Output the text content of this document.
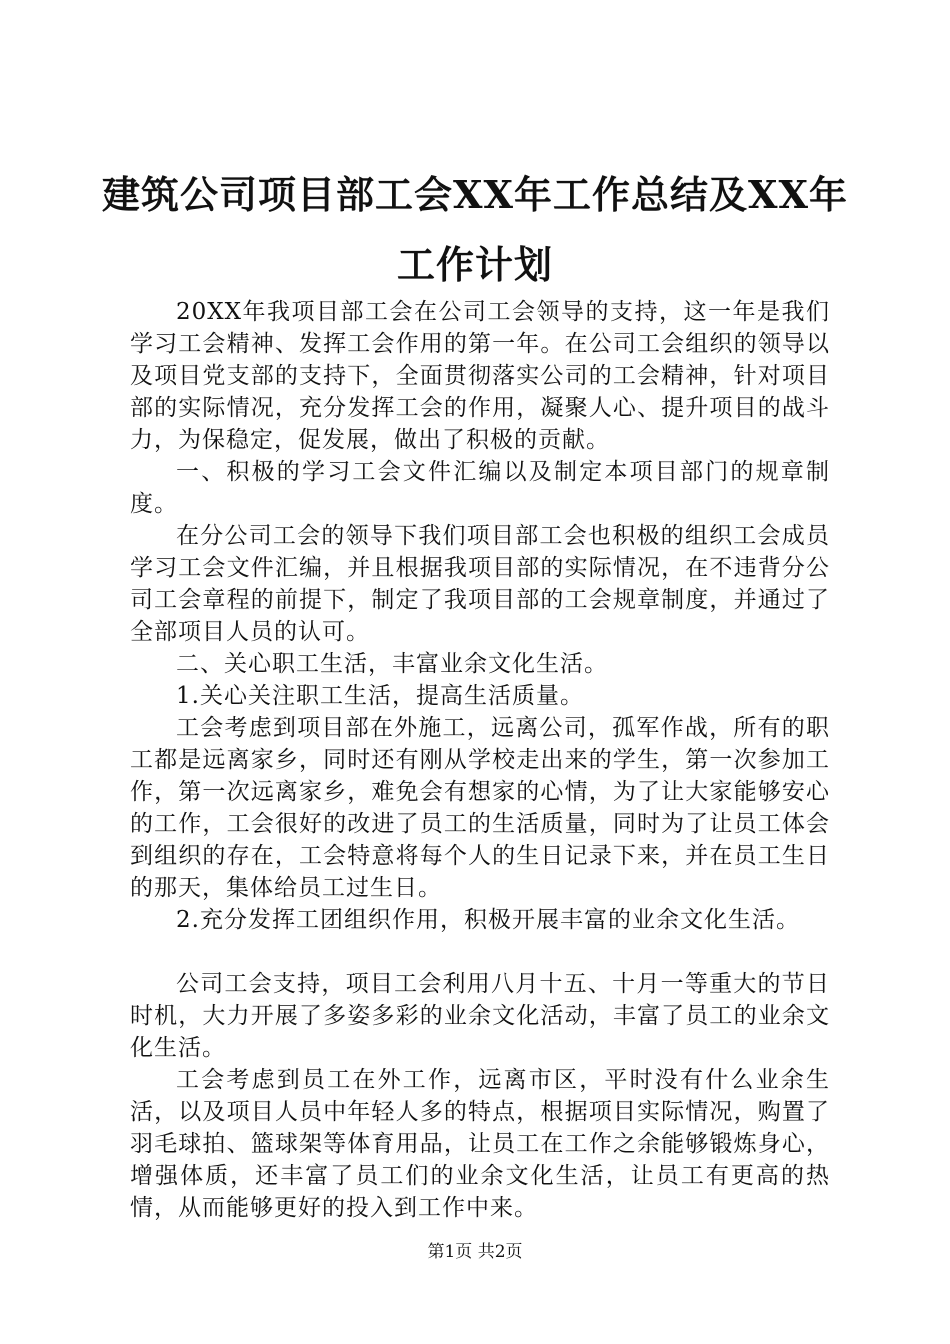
建筑公司项目部工会XX年工作总结及XX年工作计划

20XX年我项目部工会在公司工会领导的支持，这一年是我们学习工会精神、发挥工会作用的第一年。在公司工会组织的领导以及项目党支部的支持下，全面贯彻落实公司的工会精神，针对项目部的实际情况，充分发挥工会的作用，凝聚人心、提升项目的战斗力，为保稳定，促发展，做出了积极的贡献。

一、积极的学习工会文件汇编以及制定本项目部门的规章制度。

在分公司工会的领导下我们项目部工会也积极的组织工会成员学习工会文件汇编，并且根据我项目部的实际情况，在不违背分公司工会章程的前提下，制定了我项目部的工会规章制度，并通过了全部项目人员的认可。

二、关心职工生活，丰富业余文化生活。

1.关心关注职工生活，提高生活质量。

工会考虑到项目部在外施工，远离公司，孤军作战，所有的职工都是远离家乡，同时还有刚从学校走出来的学生，第一次参加工作，第一次远离家乡，难免会有想家的心情，为了让大家能够安心的工作，工会很好的改进了员工的生活质量，同时为了让员工体会到组织的存在，工会特意将每个人的生日记录下来，并在员工生日的那天，集体给员工过生日。

2.充分发挥工团组织作用，积极开展丰富的业余文化生活。

公司工会支持，项目工会利用八月十五、十月一等重大的节日时机，大力开展了多姿多彩的业余文化活动，丰富了员工的业余文化生活。

工会考虑到员工在外工作，远离市区，平时没有什么业余生活，以及项目人员中年轻人多的特点，根据项目实际情况，购置了羽毛球拍、篮球架等体育用品，让员工在工作之余能够锻炼身心，增强体质，还丰富了员工们的业余文化生活，让员工有更高的热情，从而能够更好的投入到工作中来。

第1页 共2页
